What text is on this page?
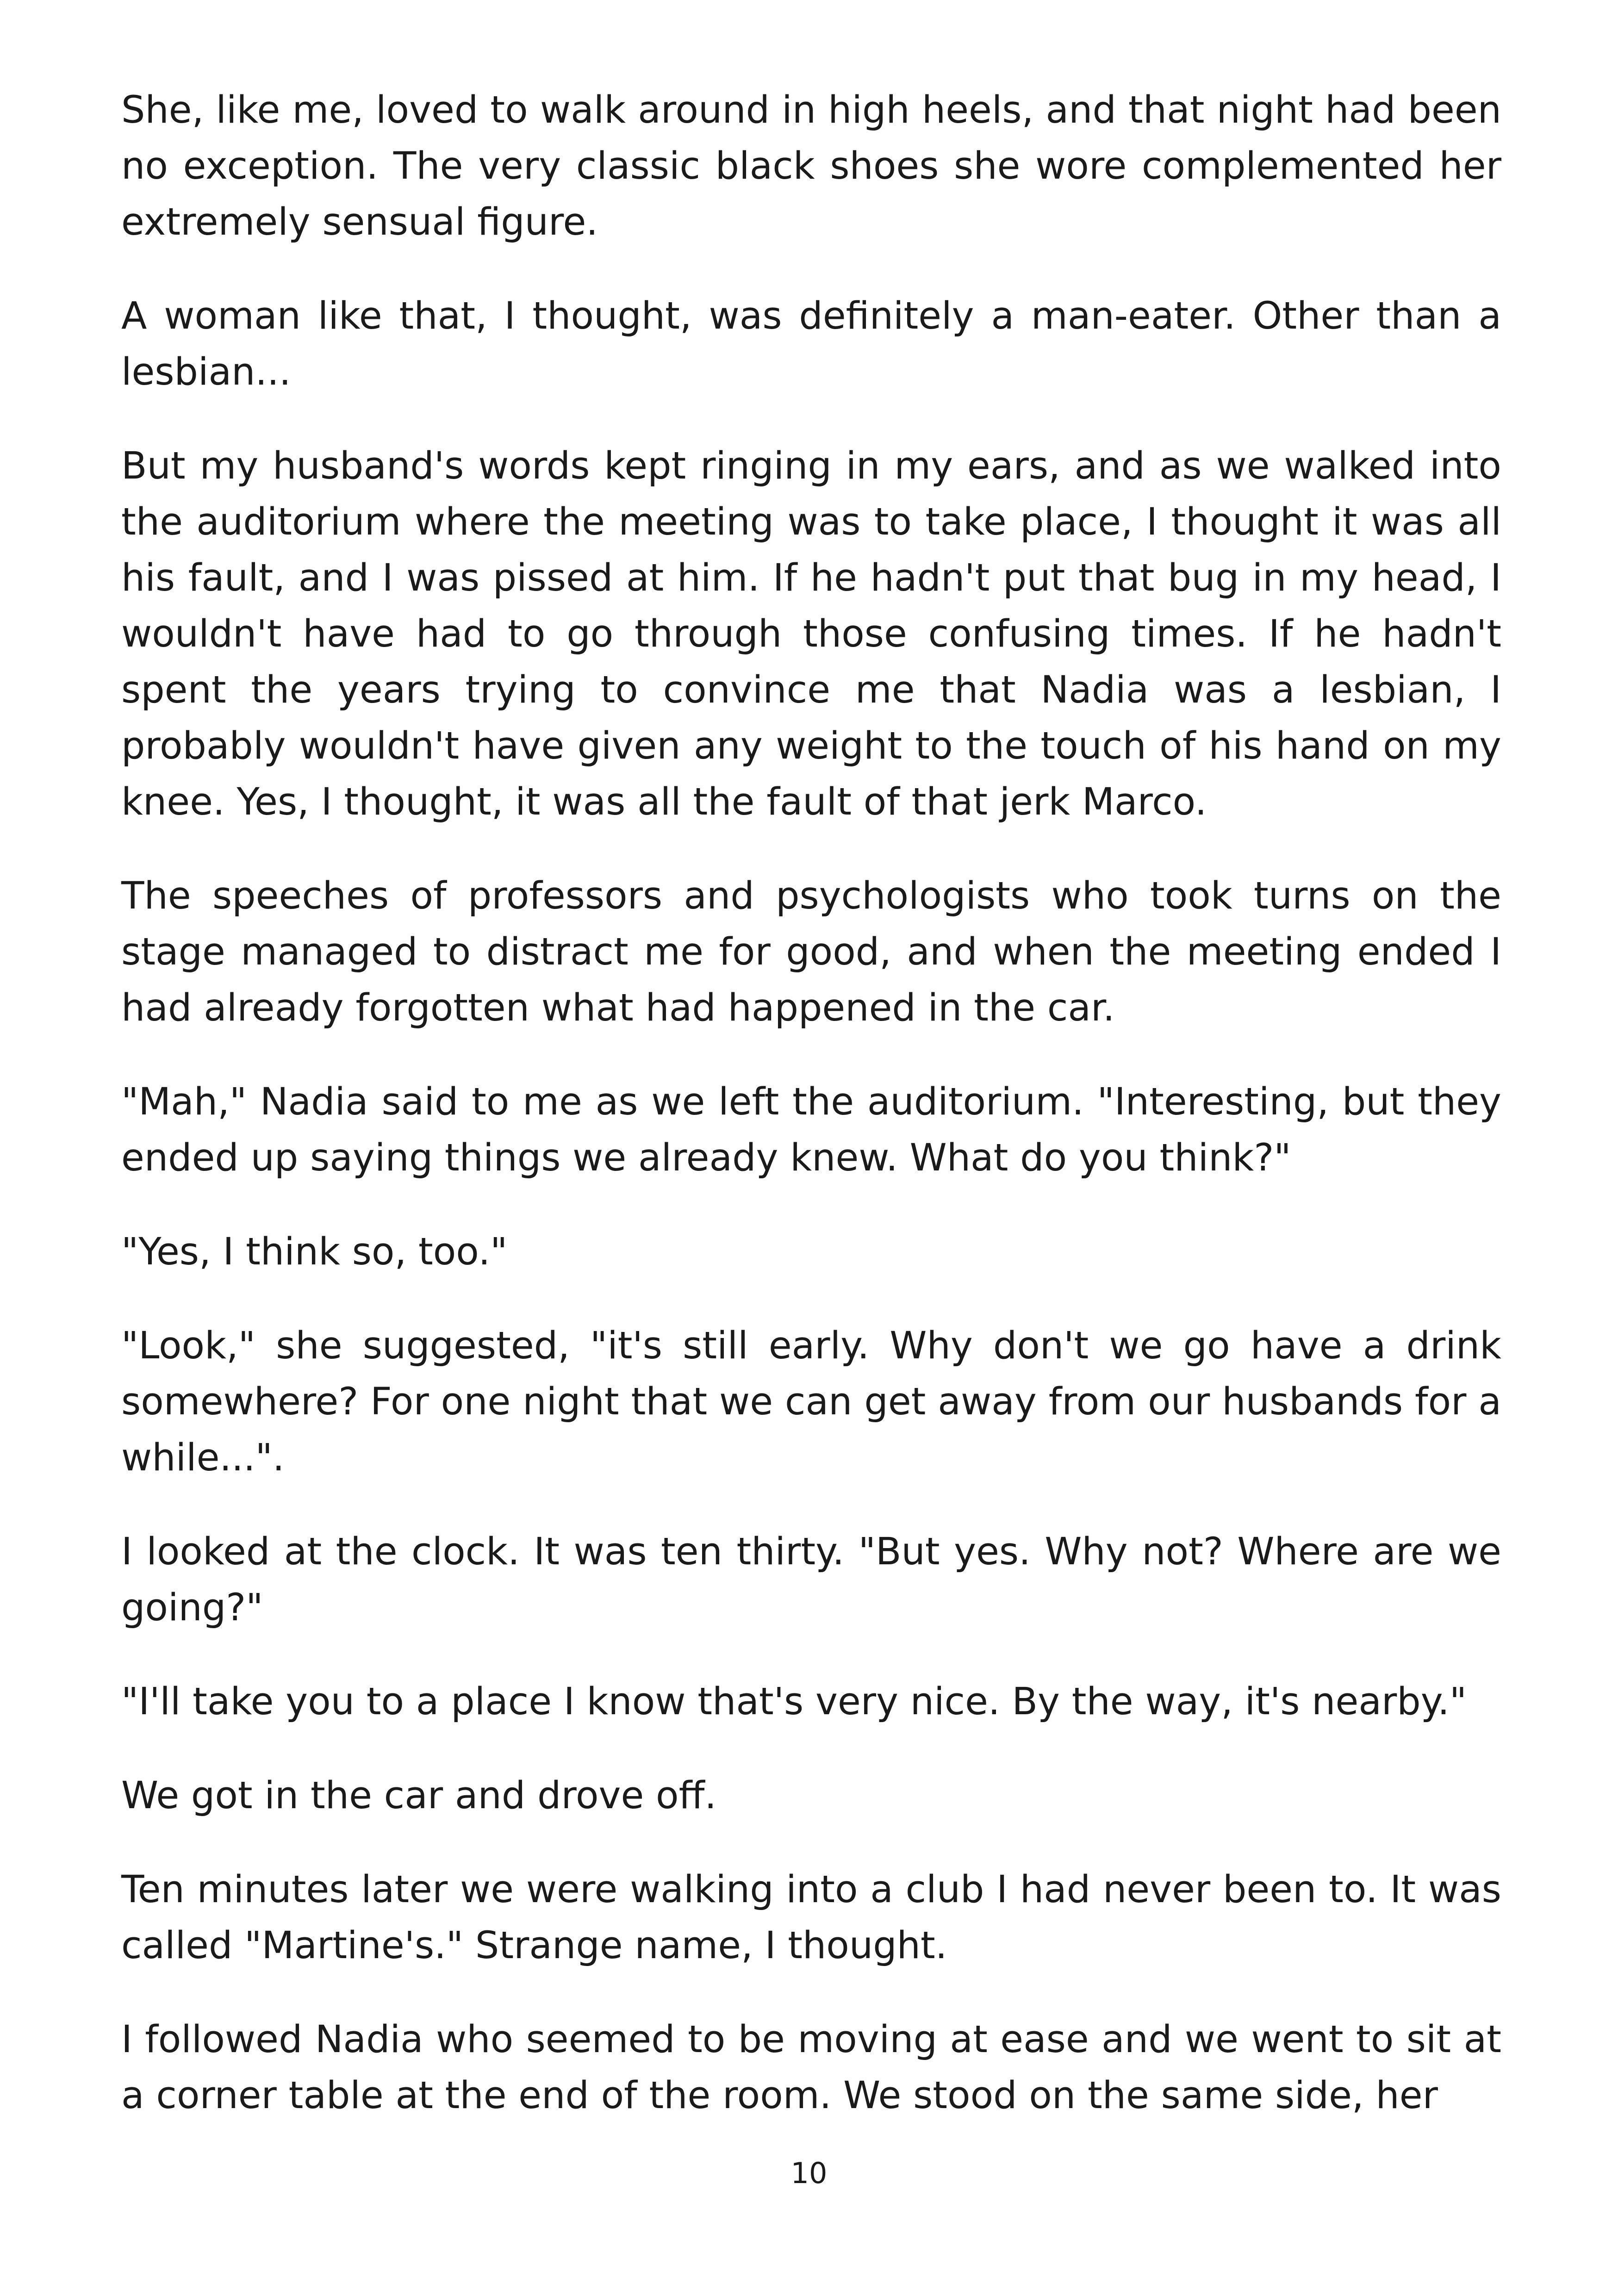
She, like me, loved to walk around in high heels, and that night had been no exception. The very classic black shoes she wore complemented her extremely sensual figure.

A woman like that, I thought, was definitely a man-eater. Other than a lesbian...

But my husband's words kept ringing in my ears, and as we walked into the auditorium where the meeting was to take place, I thought it was all his fault, and I was pissed at him. If he hadn't put that bug in my head, I wouldn't have had to go through those confusing times. If he hadn't spent the years trying to convince me that Nadia was a lesbian, I probably wouldn't have given any weight to the touch of his hand on my knee. Yes, I thought, it was all the fault of that jerk Marco.

The speeches of professors and psychologists who took turns on the stage managed to distract me for good, and when the meeting ended I had already forgotten what had happened in the car.

"Mah," Nadia said to me as we left the auditorium. "Interesting, but they ended up saying things we already knew. What do you think?"

"Yes, I think so, too."

"Look," she suggested, "it's still early. Why don't we go have a drink somewhere? For one night that we can get away from our husbands for a while...".

I looked at the clock. It was ten thirty. "But yes. Why not? Where are we going?"

"I'll take you to a place I know that's very nice. By the way, it's nearby."

We got in the car and drove off.

Ten minutes later we were walking into a club I had never been to. It was called "Martine's." Strange name, I thought.

I followed Nadia who seemed to be moving at ease and we went to sit at a corner table at the end of the room. We stood on the same side, her

10
